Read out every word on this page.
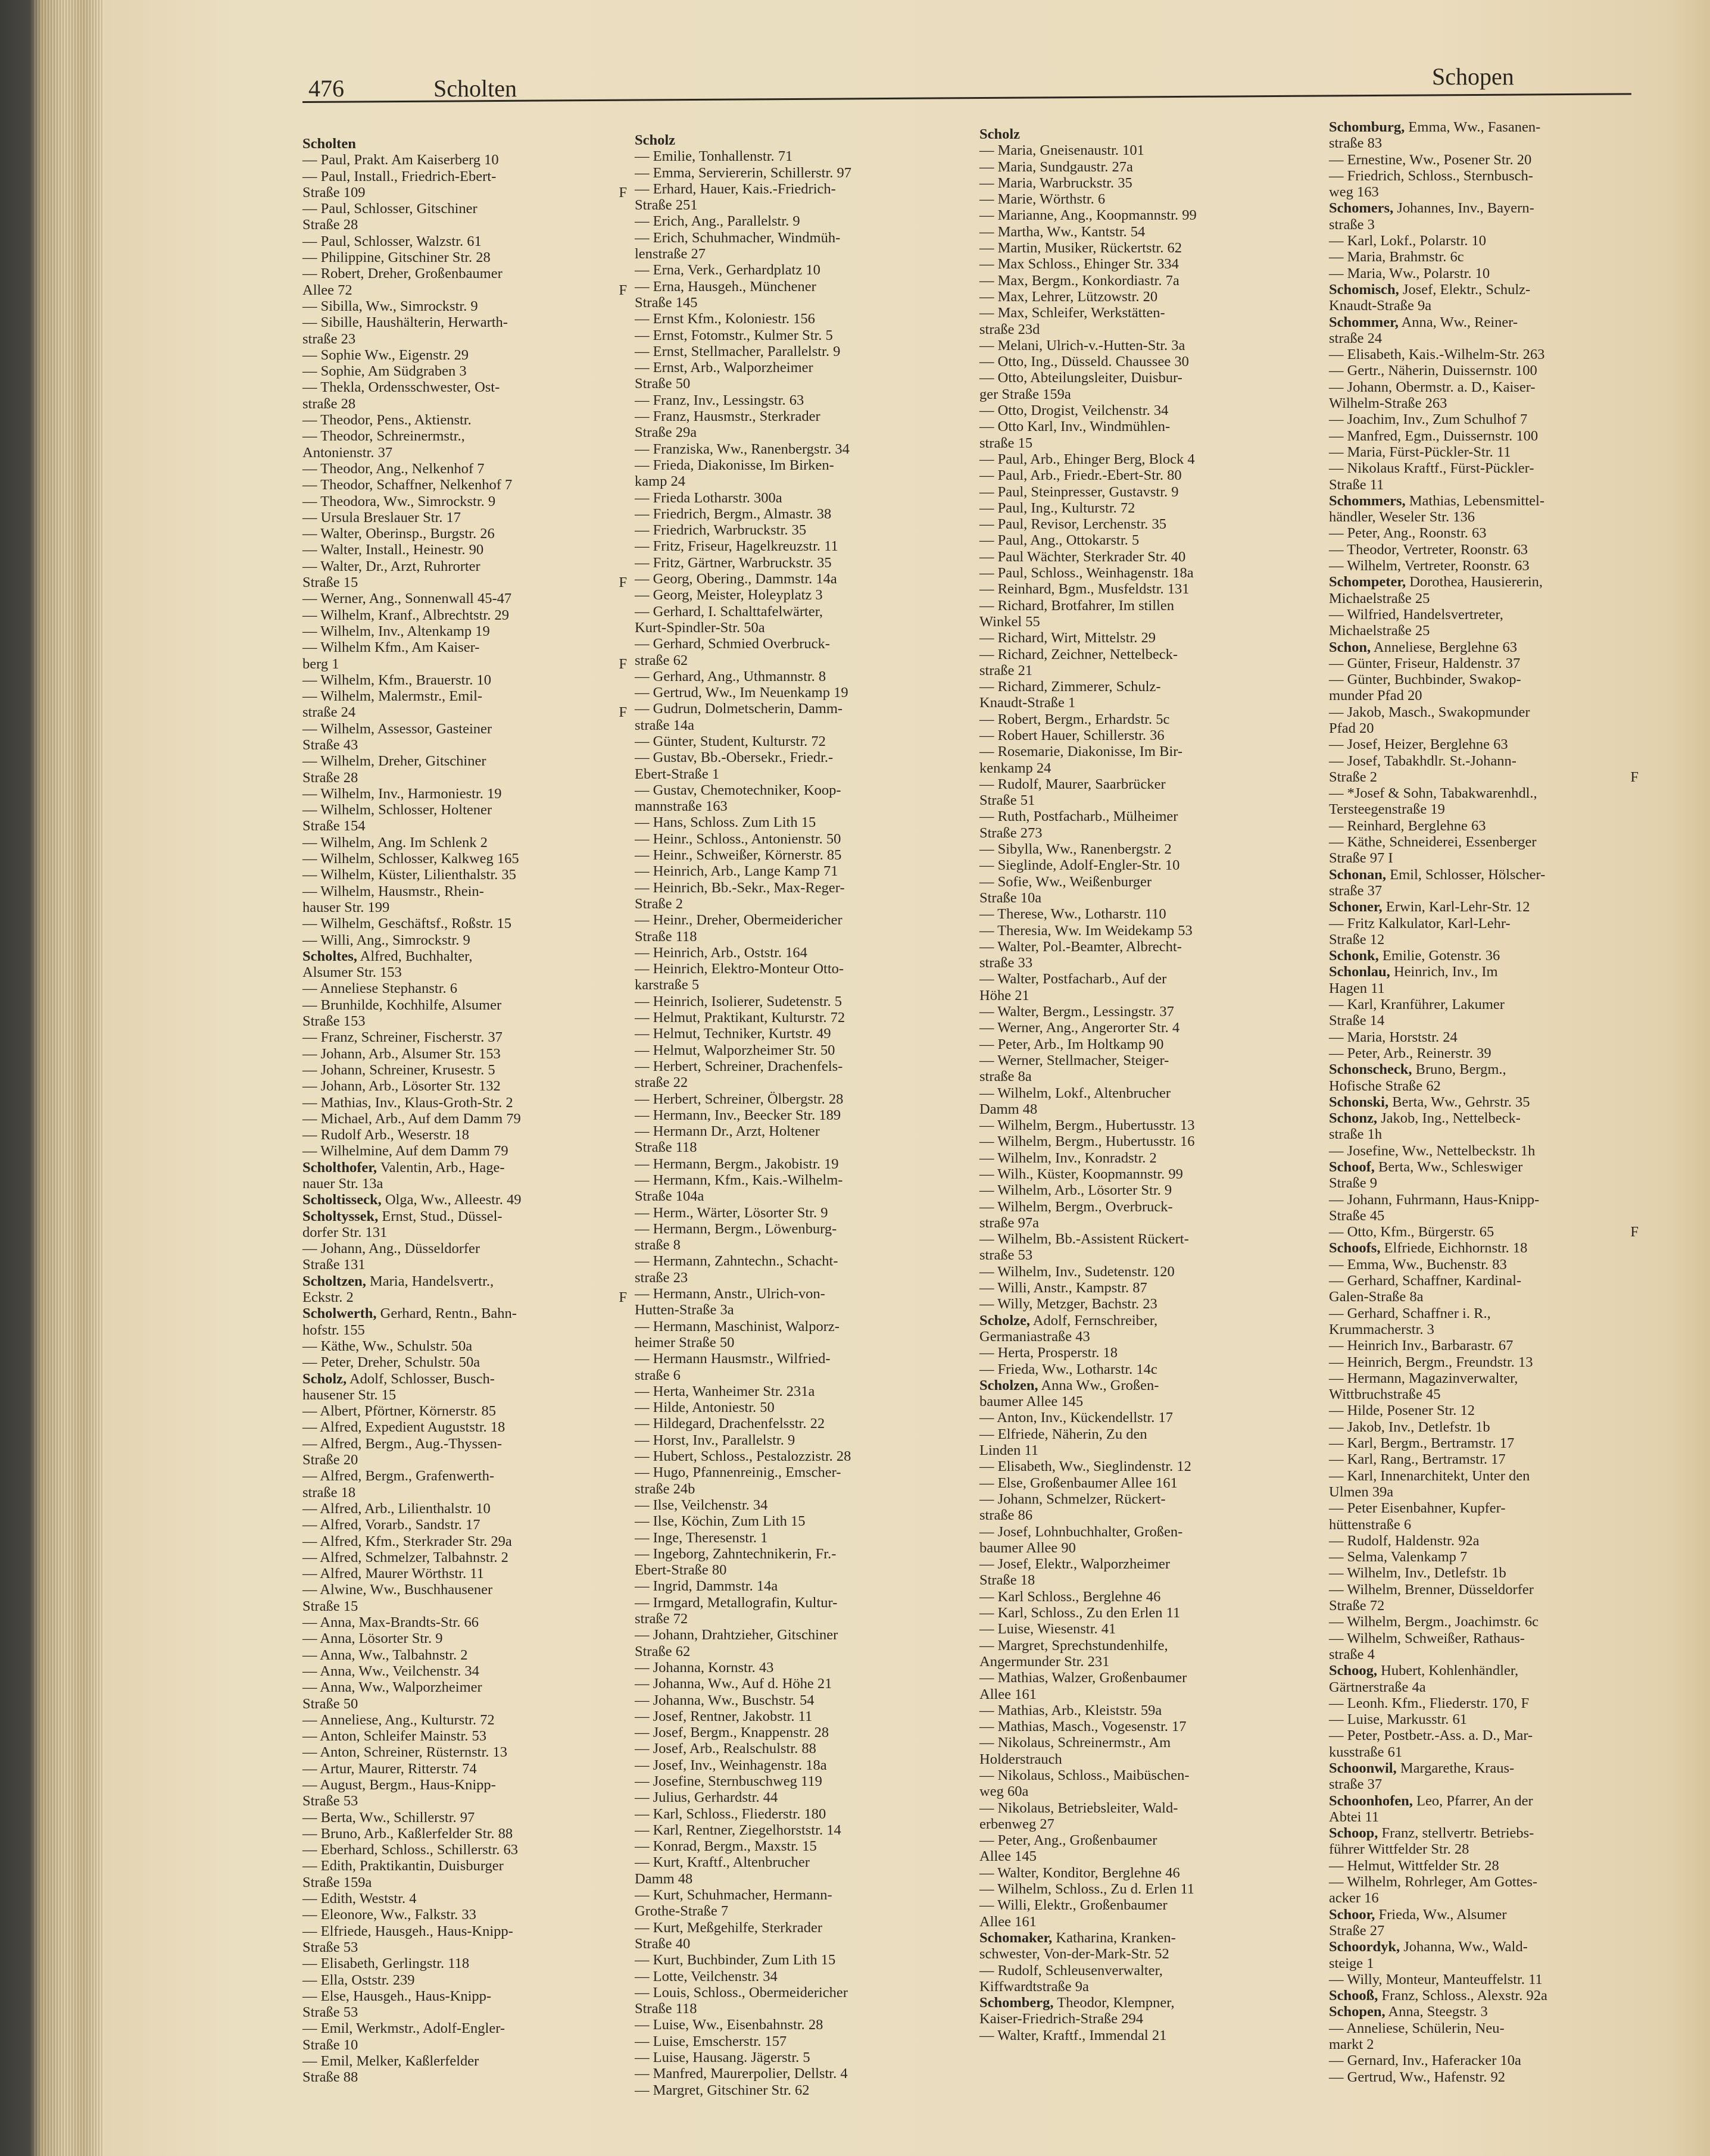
476	Scholten	Schopen
Scholten
— Paul, Prakt. Am Kaiserberg 10
— Paul, Install., Friedrich-Ebert-
Straße 109	F
— Paul, Schlosser, Gitschiner
Straße 28
— Paul, Schlosser, Walzstr. 61
— Philippine, Gitschiner Str. 28
— Robert, Dreher, Großenbaumer
Allee 72	F
— Sibilla, Ww., Simrockstr. 9
— Sibille, Haushälterin, Herwarth-
straße 23
— Sophie Ww., Eigenstr. 29
— Sophie, Am Südgraben 3
— Thekla, Ordensschwester, Ost-
straße 28
— Theodor, Pens., Aktienstr.
— Theodor, Schreinermstr.,
Antonienstr. 37
— Theodor, Ang., Nelkenhof 7
— Theodor, Schaffner, Nelkenhof 7
— Theodora, Ww., Simrockstr. 9
— Ursula Breslauer Str. 17
— Walter, Oberinsp., Burgstr. 26
— Walter, Install., Heinestr. 90
— Walter, Dr., Arzt, Ruhrorter
Straße 15	F
— Werner, Ang., Sonnenwall 45-47
— Wilhelm, Kranf., Albrechtstr. 29
— Wilhelm, Inv., Altenkamp 19
— Wilhelm Kfm., Am Kaiser-
berg 1	F
— Wilhelm, Kfm., Brauerstr. 10
— Wilhelm, Malermstr., Emil-
straße 24	F
— Wilhelm, Assessor, Gasteiner
Straße 43
— Wilhelm, Dreher, Gitschiner
Straße 28
— Wilhelm, Inv., Harmoniestr. 19
— Wilhelm, Schlosser, Holtener
Straße 154
— Wilhelm, Ang. Im Schlenk 2
— Wilhelm, Schlosser, Kalkweg 165
— Wilhelm, Küster, Lilienthalstr. 35
— Wilhelm, Hausmstr., Rhein-
hauser Str. 199
— Wilhelm, Geschäftsf., Roßstr. 15
— Willi, Ang., Simrockstr. 9
Scholtes, Alfred, Buchhalter,
Alsumer Str. 153
— Anneliese Stephanstr. 6
— Brunhilde, Kochhilfe, Alsumer
Straße 153
— Franz, Schreiner, Fischerstr. 37
— Johann, Arb., Alsumer Str. 153
— Johann, Schreiner, Krusestr. 5
— Johann, Arb., Lösorter Str. 132
— Mathias, Inv., Klaus-Groth-Str. 2
— Michael, Arb., Auf dem Damm 79
— Rudolf Arb., Weserstr. 18
— Wilhelmine, Auf dem Damm 79
Scholthofer, Valentin, Arb., Hage-
nauer Str. 13a
Scholtisseck, Olga, Ww., Alleestr. 49
Scholtyssek, Ernst, Stud., Düssel-
dorfer Str. 131
— Johann, Ang., Düsseldorfer
Straße 131
Scholtzen, Maria, Handelsvertr.,
Eckstr. 2	F
Scholwerth, Gerhard, Rentn., Bahn-
hofstr. 155
— Käthe, Ww., Schulstr. 50a
— Peter, Dreher, Schulstr. 50a
Scholz, Adolf, Schlosser, Busch-
hausener Str. 15
— Albert, Pförtner, Körnerstr. 85
— Alfred, Expedient Auguststr. 18
— Alfred, Bergm., Aug.-Thyssen-
Straße 20
— Alfred, Bergm., Grafenwerth-
straße 18
— Alfred, Arb., Lilienthalstr. 10
— Alfred, Vorarb., Sandstr. 17
— Alfred, Kfm., Sterkrader Str. 29a
— Alfred, Schmelzer, Talbahnstr. 2
— Alfred, Maurer Wörthstr. 11
— Alwine, Ww., Buschhausener
Straße 15
— Anna, Max-Brandts-Str. 66
— Anna, Lösorter Str. 9
— Anna, Ww., Talbahnstr. 2
— Anna, Ww., Veilchenstr. 34
— Anna, Ww., Walporzheimer
Straße 50
— Anneliese, Ang., Kulturstr. 72
— Anton, Schleifer Mainstr. 53
— Anton, Schreiner, Rüsternstr. 13
— Artur, Maurer, Ritterstr. 74
— August, Bergm., Haus-Knipp-
Straße 53
— Berta, Ww., Schillerstr. 97
— Bruno, Arb., Kaßlerfelder Str. 88
— Eberhard, Schloss., Schillerstr. 63
— Edith, Praktikantin, Duisburger
Straße 159a
— Edith, Weststr. 4
— Eleonore, Ww., Falkstr. 33
— Elfriede, Hausgeh., Haus-Knipp-
Straße 53
— Elisabeth, Gerlingstr. 118
— Ella, Oststr. 239
— Else, Hausgeh., Haus-Knipp-
Straße 53
— Emil, Werkmstr., Adolf-Engler-
Straße 10
— Emil, Melker, Kaßlerfelder
Straße 88
Scholz
— Emilie, Tonhallenstr. 71
— Emma, Serviererin, Schillerstr. 97
— Erhard, Hauer, Kais.-Friedrich-
Straße 251
— Erich, Ang., Parallelstr. 9
— Erich, Schuhmacher, Windmüh-
lenstraße 27
— Erna, Verk., Gerhardplatz 10
— Erna, Hausgeh., Münchener
Straße 145
— Ernst Kfm., Koloniestr. 156
— Ernst, Fotomstr., Kulmer Str. 5
— Ernst, Stellmacher, Parallelstr. 9
— Ernst, Arb., Walporzheimer
Straße 50
— Franz, Inv., Lessingstr. 63
— Franz, Hausmstr., Sterkrader
Straße 29a
— Franziska, Ww., Ranenbergstr. 34
— Frieda, Diakonisse, Im Birken-
kamp 24
— Frieda Lotharstr. 300a
— Friedrich, Bergm., Almastr. 38
— Friedrich, Warbruckstr. 35
— Fritz, Friseur, Hagelkreuzstr. 11
— Fritz, Gärtner, Warbruckstr. 35
— Georg, Obering., Dammstr. 14a
— Georg, Meister, Holeyplatz 3
— Gerhard, I. Schalttafelwärter,
Kurt-Spindler-Str. 50a
— Gerhard, Schmied Overbruck-
straße 62
— Gerhard, Ang., Uthmannstr. 8
— Gertrud, Ww., Im Neuenkamp 19
— Gudrun, Dolmetscherin, Damm-
straße 14a
— Günter, Student, Kulturstr. 72
— Gustav, Bb.-Obersekr., Friedr.-
Ebert-Straße 1
— Gustav, Chemotechniker, Koop-
mannstraße 163
— Hans, Schloss. Zum Lith 15
— Heinr., Schloss., Antonienstr. 50
— Heinr., Schweißer, Körnerstr. 85
— Heinrich, Arb., Lange Kamp 71
— Heinrich, Bb.-Sekr., Max-Reger-
Straße 2
— Heinr., Dreher, Obermeidericher
Straße 118
— Heinrich, Arb., Oststr. 164
— Heinrich, Elektro-Monteur Otto-
karstraße 5
— Heinrich, Isolierer, Sudetenstr. 5
— Helmut, Praktikant, Kulturstr. 72
— Helmut, Techniker, Kurtstr. 49
— Helmut, Walporzheimer Str. 50
— Herbert, Schreiner, Drachenfels-
straße 22
— Herbert, Schreiner, Ölbergstr. 28
— Hermann, Inv., Beecker Str. 189
— Hermann Dr., Arzt, Holtener
Straße 118
— Hermann, Bergm., Jakobistr. 19
— Hermann, Kfm., Kais.-Wilhelm-
Straße 104a
— Herm., Wärter, Lösorter Str. 9
— Hermann, Bergm., Löwenburg-
straße 8
— Hermann, Zahntechn., Schacht-
straße 23
— Hermann, Anstr., Ulrich-von-
Hutten-Straße 3a
— Hermann, Maschinist, Walporz-
heimer Straße 50
— Hermann Hausmstr., Wilfried-
straße 6
— Herta, Wanheimer Str. 231a
— Hilde, Antoniestr. 50
— Hildegard, Drachenfelsstr. 22
— Horst, Inv., Parallelstr. 9
— Hubert, Schloss., Pestalozzistr. 28
— Hugo, Pfannenreinig., Emscher-
straße 24b
— Ilse, Veilchenstr. 34
— Ilse, Köchin, Zum Lith 15
— Inge, Theresenstr. 1
— Ingeborg, Zahntechnikerin, Fr.-
Ebert-Straße 80
— Ingrid, Dammstr. 14a
— Irmgard, Metallografin, Kultur-
straße 72
— Johann, Drahtzieher, Gitschiner
Straße 62
— Johanna, Kornstr. 43
— Johanna, Ww., Auf d. Höhe 21
— Johanna, Ww., Buschstr. 54
— Josef, Rentner, Jakobstr. 11
— Josef, Bergm., Knappenstr. 28
— Josef, Arb., Realschulstr. 88
— Josef, Inv., Weinhagenstr. 18a
— Josefine, Sternbuschweg 119
— Julius, Gerhardstr. 44
— Karl, Schloss., Fliederstr. 180
— Karl, Rentner, Ziegelhorststr. 14
— Konrad, Bergm., Maxstr. 15
— Kurt, Kraftf., Altenbrucher
Damm 48
— Kurt, Schuhmacher, Hermann-
Grothe-Straße 7
— Kurt, Meßgehilfe, Sterkrader
Straße 40
— Kurt, Buchbinder, Zum Lith 15
— Lotte, Veilchenstr. 34
— Louis, Schloss., Obermeidericher
Straße 118
— Luise, Ww., Eisenbahnstr. 28
— Luise, Emscherstr. 157
— Luise, Hausang. Jägerstr. 5
— Manfred, Maurerpolier, Dellstr. 4
— Margret, Gitschiner Str. 62
Scholz
— Maria, Gneisenaustr. 101
— Maria, Sundgaustr. 27a
— Maria, Warbruckstr. 35
— Marie, Wörthstr. 6
— Marianne, Ang., Koopmannstr. 99
— Martha, Ww., Kantstr. 54
— Martin, Musiker, Rückertstr. 62
— Max Schloss., Ehinger Str. 334
— Max, Bergm., Konkordiastr. 7a
— Max, Lehrer, Lützowstr. 20
— Max, Schleifer, Werkstätten-
straße 23d
— Melani, Ulrich-v.-Hutten-Str. 3a
— Otto, Ing., Düsseld. Chaussee 30
— Otto, Abteilungsleiter, Duisbur-
ger Straße 159a
— Otto, Drogist, Veilchenstr. 34
— Otto Karl, Inv., Windmühlen-
straße 15
— Paul, Arb., Ehinger Berg, Block 4
— Paul, Arb., Friedr.-Ebert-Str. 80
— Paul, Steinpresser, Gustavstr. 9
— Paul, Ing., Kulturstr. 72
— Paul, Revisor, Lerchenstr. 35
— Paul, Ang., Ottokarstr. 5
— Paul Wächter, Sterkrader Str. 40
— Paul, Schloss., Weinhagenstr. 18a
— Reinhard, Bgm., Musfeldstr. 131
— Richard, Brotfahrer, Im stillen
Winkel 55
— Richard, Wirt, Mittelstr. 29
— Richard, Zeichner, Nettelbeck-
straße 21
— Richard, Zimmerer, Schulz-
Knaudt-Straße 1
— Robert, Bergm., Erhardstr. 5c
— Robert Hauer, Schillerstr. 36
— Rosemarie, Diakonisse, Im Bir-
kenkamp 24
— Rudolf, Maurer, Saarbrücker
Straße 51
— Ruth, Postfacharb., Mülheimer
Straße 273
— Sibylla, Ww., Ranenbergstr. 2
— Sieglinde, Adolf-Engler-Str. 10
— Sofie, Ww., Weißenburger
Straße 10a
— Therese, Ww., Lotharstr. 110
— Theresia, Ww. Im Weidekamp 53
— Walter, Pol.-Beamter, Albrecht-
straße 33
— Walter, Postfacharb., Auf der
Höhe 21
— Walter, Bergm., Lessingstr. 37
— Werner, Ang., Angerorter Str. 4
— Peter, Arb., Im Holtkamp 90
— Werner, Stellmacher, Steiger-
straße 8a
— Wilhelm, Lokf., Altenbrucher
Damm 48
— Wilhelm, Bergm., Hubertusstr. 13
— Wilhelm, Bergm., Hubertusstr. 16
— Wilhelm, Inv., Konradstr. 2
— Wilh., Küster, Koopmannstr. 99
— Wilhelm, Arb., Lösorter Str. 9
— Wilhelm, Bergm., Overbruck-
straße 97a
— Wilhelm, Bb.-Assistent Rückert-
straße 53
— Wilhelm, Inv., Sudetenstr. 120
— Willi, Anstr., Kampstr. 87
— Willy, Metzger, Bachstr. 23
Scholze, Adolf, Fernschreiber,
Germaniastraße 43
— Herta, Prosperstr. 18
— Frieda, Ww., Lotharstr. 14c
Scholzen, Anna Ww., Großen-
baumer Allee 145
— Anton, Inv., Kückendellstr. 17
— Elfriede, Näherin, Zu den
Linden 11
— Elisabeth, Ww., Sieglindenstr. 12
— Else, Großenbaumer Allee 161
— Johann, Schmelzer, Rückert-
straße 86
— Josef, Lohnbuchhalter, Großen-
baumer Allee 90
— Josef, Elektr., Walporzheimer
Straße 18
— Karl Schloss., Berglehne 46
— Karl, Schloss., Zu den Erlen 11
— Luise, Wiesenstr. 41
— Margret, Sprechstundenhilfe,
Angermunder Str. 231
— Mathias, Walzer, Großenbaumer
Allee 161
— Mathias, Arb., Kleiststr. 59a
— Mathias, Masch., Vogesenstr. 17
— Nikolaus, Schreinermstr., Am
Holderstrauch
— Nikolaus, Schloss., Maibüschen-
weg 60a
— Nikolaus, Betriebsleiter, Wald-
erbenweg 27
— Peter, Ang., Großenbaumer
Allee 145
— Walter, Konditor, Berglehne 46
— Wilhelm, Schloss., Zu d. Erlen 11
— Willi, Elektr., Großenbaumer
Allee 161
Schomaker, Katharina, Kranken-
schwester, Von-der-Mark-Str. 52
— Rudolf, Schleusenverwalter,
Kiffwardtstraße 9a
Schomberg, Theodor, Klempner,
Kaiser-Friedrich-Straße 294
— Walter, Kraftf., Immendal 21
Schomburg, Emma, Ww., Fasanen-
straße 83
— Ernestine, Ww., Posener Str. 20
— Friedrich, Schloss., Sternbusch-
weg 163
Schomers, Johannes, Inv., Bayern-
straße 3
— Karl, Lokf., Polarstr. 10
— Maria, Brahmstr. 6c
— Maria, Ww., Polarstr. 10
Schomisch, Josef, Elektr., Schulz-
Knaudt-Straße 9a
Schommer, Anna, Ww., Reiner-
straße 24
— Elisabeth, Kais.-Wilhelm-Str. 263
— Gertr., Näherin, Duissernstr. 100
— Johann, Obermstr. a. D., Kaiser-
Wilhelm-Straße 263
— Joachim, Inv., Zum Schulhof 7
— Manfred, Egm., Duissernstr. 100
— Maria, Fürst-Pückler-Str. 11
— Nikolaus Kraftf., Fürst-Pückler-
Straße 11
Schommers, Mathias, Lebensmittel-
händler, Weseler Str. 136
— Peter, Ang., Roonstr. 63
— Theodor, Vertreter, Roonstr. 63
— Wilhelm, Vertreter, Roonstr. 63
Schompeter, Dorothea, Hausiererin,
Michaelstraße 25
— Wilfried, Handelsvertreter,
Michaelstraße 25
Schon, Anneliese, Berglehne 63
— Günter, Friseur, Haldenstr. 37
— Günter, Buchbinder, Swakop-
munder Pfad 20
— Jakob, Masch., Swakopmunder
Pfad 20
— Josef, Heizer, Berglehne 63
— Josef, Tabakhdlr. St.-Johann-
Straße 2	F
— *Josef & Sohn, Tabakwarenhdl.,
Tersteegenstraße 19
— Reinhard, Berglehne 63
— Käthe, Schneiderei, Essenberger
Straße 97 I
Schonan, Emil, Schlosser, Hölscher-
straße 37
Schoner, Erwin, Karl-Lehr-Str. 12
— Fritz Kalkulator, Karl-Lehr-
Straße 12
Schonk, Emilie, Gotenstr. 36
Schonlau, Heinrich, Inv., Im
Hagen 11
— Karl, Kranführer, Lakumer
Straße 14
— Maria, Horststr. 24
— Peter, Arb., Reinerstr. 39
Schonscheck, Bruno, Bergm.,
Hofische Straße 62
Schonski, Berta, Ww., Gehrstr. 35
Schonz, Jakob, Ing., Nettelbeck-
straße 1h
— Josefine, Ww., Nettelbeckstr. 1h
Schoof, Berta, Ww., Schleswiger
Straße 9
— Johann, Fuhrmann, Haus-Knipp-
Straße 45
— Otto, Kfm., Bürgerstr. 65	F
Schoofs, Elfriede, Eichhornstr. 18
— Emma, Ww., Buchenstr. 83
— Gerhard, Schaffner, Kardinal-
Galen-Straße 8a
— Gerhard, Schaffner i. R.,
Krummacherstr. 3
— Heinrich Inv., Barbarastr. 67
— Heinrich, Bergm., Freundstr. 13
— Hermann, Magazinverwalter,
Wittbruchstraße 45
— Hilde, Posener Str. 12
— Jakob, Inv., Detlefstr. 1b
— Karl, Bergm., Bertramstr. 17
— Karl, Rang., Bertramstr. 17
— Karl, Innenarchitekt, Unter den
Ulmen 39a
— Peter Eisenbahner, Kupfer-
hüttenstraße 6
— Rudolf, Haldenstr. 92a
— Selma, Valenkamp 7
— Wilhelm, Inv., Detlefstr. 1b
— Wilhelm, Brenner, Düsseldorfer
Straße 72
— Wilhelm, Bergm., Joachimstr. 6c
— Wilhelm, Schweißer, Rathaus-
straße 4
Schoog, Hubert, Kohlenhändler,
Gärtnerstraße 4a
— Leonh. Kfm., Fliederstr. 170, F
— Luise, Markusstr. 61
— Peter, Postbetr.-Ass. a. D., Mar-
kusstraße 61
Schoonwil, Margarethe, Kraus-
straße 37
Schoonhofen, Leo, Pfarrer, An der
Abtei 11
Schoop, Franz, stellvertr. Betriebs-
führer Wittfelder Str. 28
— Helmut, Wittfelder Str. 28
— Wilhelm, Rohrleger, Am Gottes-
acker 16
Schoor, Frieda, Ww., Alsumer
Straße 27
Schoordyk, Johanna, Ww., Wald-
steige 1
— Willy, Monteur, Manteuffelstr. 11
Schooß, Franz, Schloss., Alexstr. 92a
Schopen, Anna, Steegstr. 3
— Anneliese, Schülerin, Neu-
markt 2
— Gernard, Inv., Haferacker 10a
— Gertrud, Ww., Hafenstr. 92
